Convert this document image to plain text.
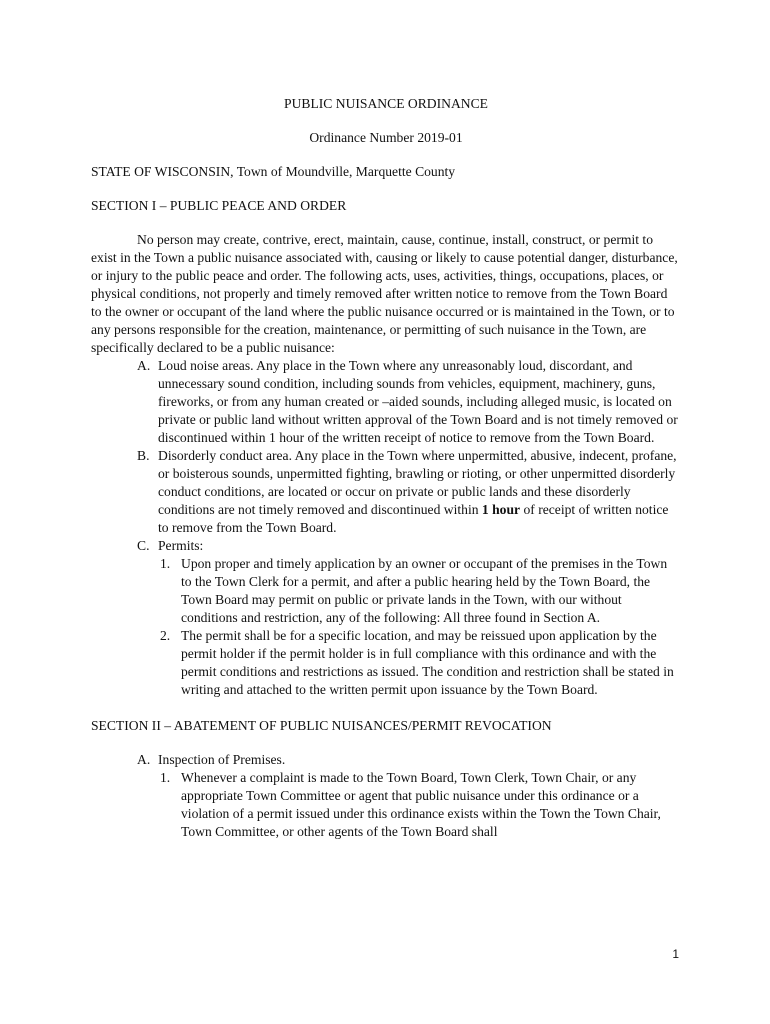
PUBLIC NUISANCE ORDINANCE

Ordinance Number 2019-01

STATE OF WISCONSIN, Town of Moundville, Marquette County

SECTION I – PUBLIC PEACE AND ORDER

No person may create, contrive, erect, maintain, cause, continue, install, construct, or permit to exist in the Town a public nuisance associated with, causing or likely to cause potential danger, disturbance, or injury to the public peace and order. The following acts, uses, activities, things, occupations, places, or physical conditions, not properly and timely removed after written notice to remove from the Town Board to the owner or occupant of the land where the public nuisance occurred or is maintained in the Town, or to any persons responsible for the creation, maintenance, or permitting of such nuisance in the Town, are specifically declared to be a public nuisance:

A. Loud noise areas. Any place in the Town where any unreasonably loud, discordant, and unnecessary sound condition, including sounds from vehicles, equipment, machinery, guns, fireworks, or from any human created or –aided sounds, including alleged music, is located on private or public land without written approval of the Town Board and is not timely removed or discontinued within 1 hour of the written receipt of notice to remove from the Town Board.
B. Disorderly conduct area. Any place in the Town where unpermitted, abusive, indecent, profane, or boisterous sounds, unpermitted fighting, brawling or rioting, or other unpermitted disorderly conduct conditions, are located or occur on private or public lands and these disorderly conditions are not timely removed and discontinued within 1 hour of receipt of written notice to remove from the Town Board.
C. Permits:
1. Upon proper and timely application by an owner or occupant of the premises in the Town to the Town Clerk for a permit, and after a public hearing held by the Town Board, the Town Board may permit on public or private lands in the Town, with our without conditions and restriction, any of the following: All three found in Section A.
2. The permit shall be for a specific location, and may be reissued upon application by the permit holder if the permit holder is in full compliance with this ordinance and with the permit conditions and restrictions as issued. The condition and restriction shall be stated in writing and attached to the written permit upon issuance by the Town Board.

SECTION II – ABATEMENT OF PUBLIC NUISANCES/PERMIT REVOCATION

A. Inspection of Premises.
1. Whenever a complaint is made to the Town Board, Town Clerk, Town Chair, or any appropriate Town Committee or agent that public nuisance under this ordinance or a violation of a permit issued under this ordinance exists within the Town the Town Chair, Town Committee, or other agents of the Town Board shall
1
